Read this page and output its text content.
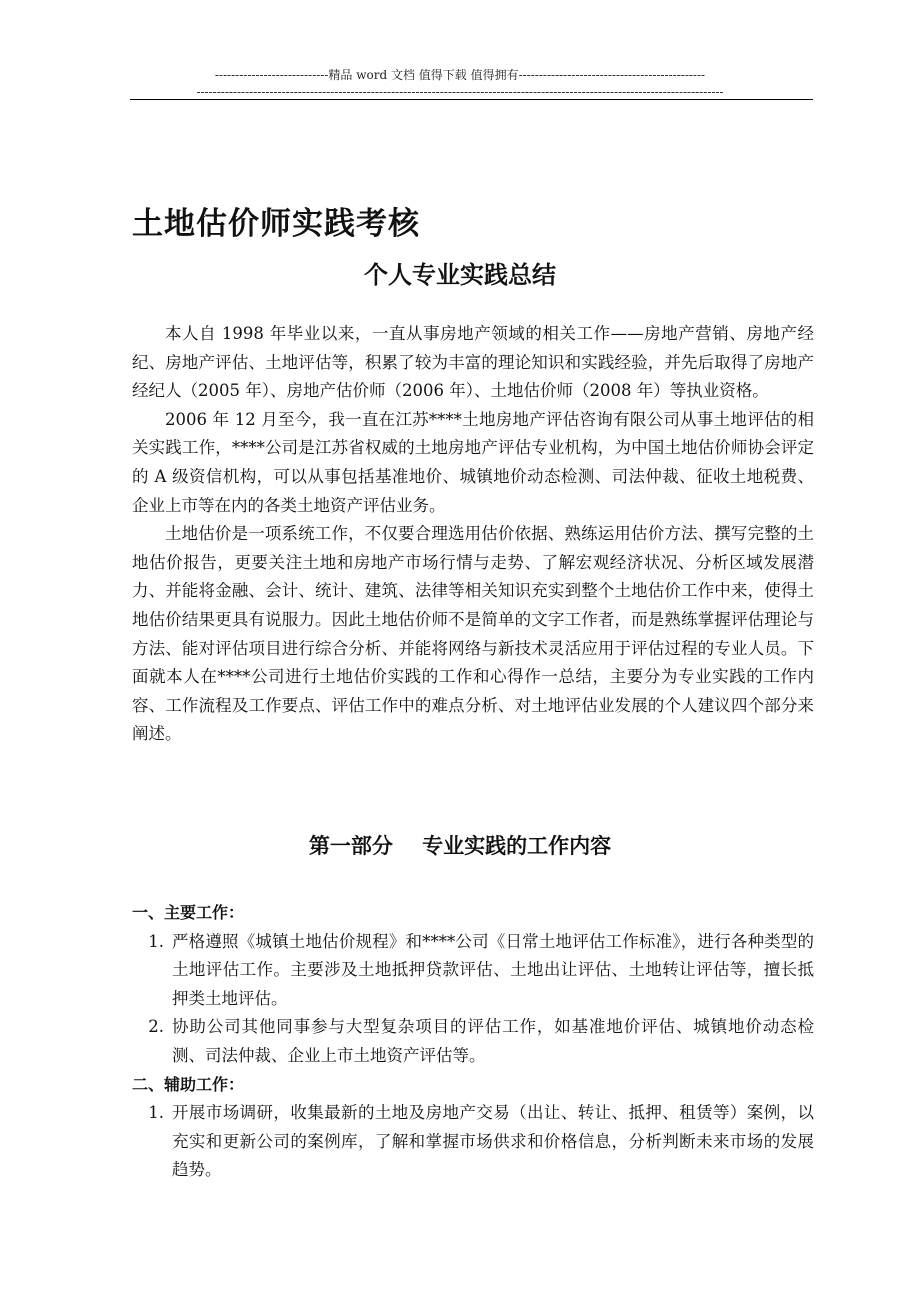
----------------------------精品 word 文档 值得下载 值得拥有----------------------------------------------
----------------------------------------------------------------------------------------------------------------------------------
土地估价师实践考核
个人专业实践总结

本人自 1998 年毕业以来，一直从事房地产领域的相关工作——房地产营销、房地产经纪、房地产评估、土地评估等，积累了较为丰富的理论知识和实践经验，并先后取得了房地产经纪人（2005 年）、房地产估价师（2006 年）、土地估价师（2008 年）等执业资格。

2006 年 12 月至今，我一直在江苏****土地房地产评估咨询有限公司从事土地评估的相关实践工作，****公司是江苏省权威的土地房地产评估专业机构，为中国土地估价师协会评定的 A 级资信机构，可以从事包括基准地价、城镇地价动态检测、司法仲裁、征收土地税费、企业上市等在内的各类土地资产评估业务。

土地估价是一项系统工作，不仅要合理选用估价依据、熟练运用估价方法、撰写完整的土地估价报告，更要关注土地和房地产市场行情与走势、了解宏观经济状况、分析区域发展潜力、并能将金融、会计、统计、建筑、法律等相关知识充实到整个土地估价工作中来，使得土地估价结果更具有说服力。因此土地估价师不是简单的文字工作者，而是熟练掌握评估理论与方法、能对评估项目进行综合分析、并能将网络与新技术灵活应用于评估过程的专业人员。下面就本人在****公司进行土地估价实践的工作和心得作一总结，主要分为专业实践的工作内容、工作流程及工作要点、评估工作中的难点分析、对土地评估业发展的个人建议四个部分来阐述。

第一部分    专业实践的工作内容

一、主要工作：

1. 严格遵照《城镇土地估价规程》和****公司《日常土地评估工作标准》，进行各种类型的土地评估工作。主要涉及土地抵押贷款评估、土地出让评估、土地转让评估等，擅长抵押类土地评估。
2. 协助公司其他同事参与大型复杂项目的评估工作，如基准地价评估、城镇地价动态检测、司法仲裁、企业上市土地资产评估等。

二、辅助工作：

1. 开展市场调研，收集最新的土地及房地产交易（出让、转让、抵押、租赁等）案例，以充实和更新公司的案例库，了解和掌握市场供求和价格信息，分析判断未来市场的发展趋势。
